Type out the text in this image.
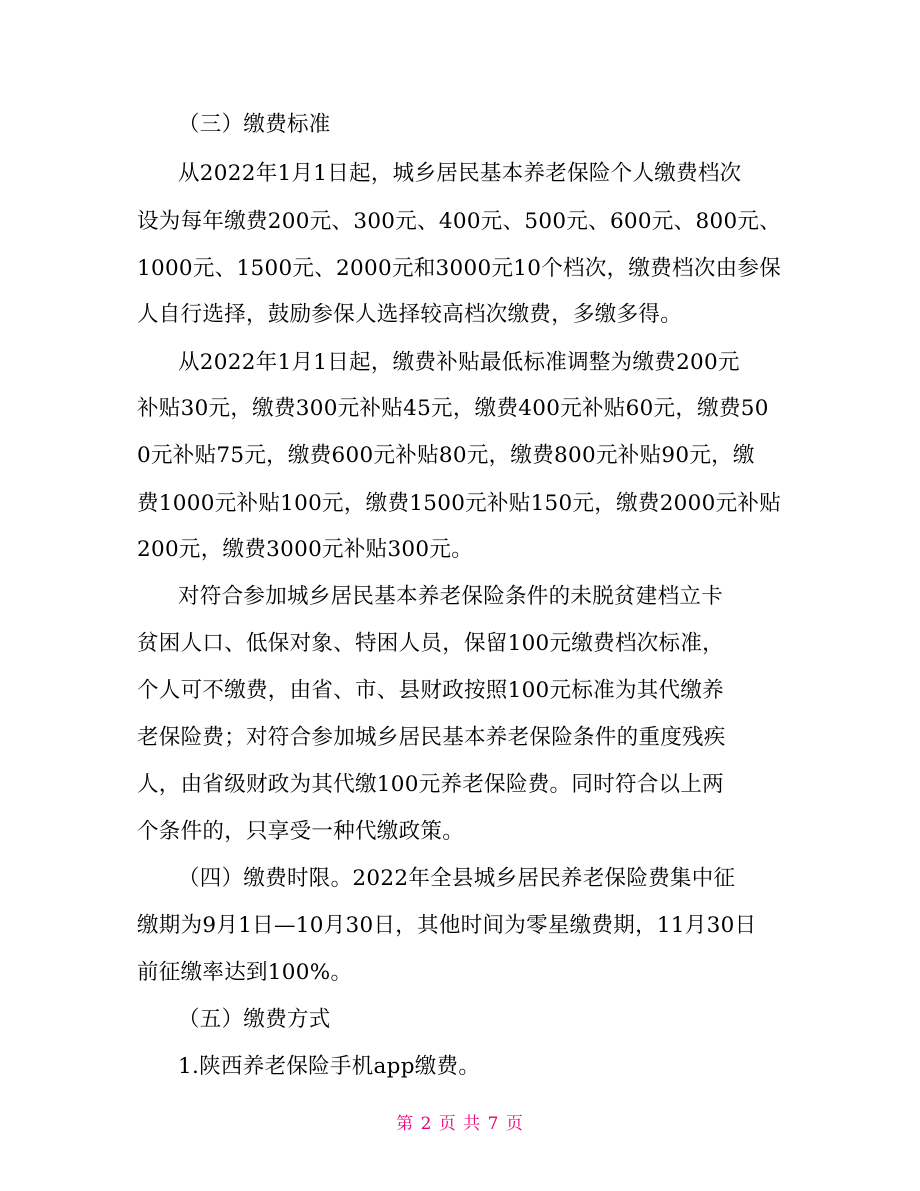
（三）缴费标准
从2022年1月1日起，城乡居民基本养老保险个人缴费档次
设为每年缴费200元、300元、400元、500元、600元、800元、
1000元、1500元、2000元和3000元10个档次，缴费档次由参保
人自行选择，鼓励参保人选择较高档次缴费，多缴多得。
从2022年1月1日起，缴费补贴最低标准调整为缴费200元
补贴30元，缴费300元补贴45元，缴费400元补贴60元，缴费50
0元补贴75元，缴费600元补贴80元，缴费800元补贴90元，缴
费1000元补贴100元，缴费1500元补贴150元，缴费2000元补贴
200元，缴费3000元补贴300元。
对符合参加城乡居民基本养老保险条件的未脱贫建档立卡
贫困人口、低保对象、特困人员，保留100元缴费档次标准，
个人可不缴费，由省、市、县财政按照100元标准为其代缴养
老保险费；对符合参加城乡居民基本养老保险条件的重度残疾
人，由省级财政为其代缴100元养老保险费。同时符合以上两
个条件的，只享受一种代缴政策。
（四）缴费时限。2022年全县城乡居民养老保险费集中征
缴期为9月1日—10月30日，其他时间为零星缴费期，11月30日
前征缴率达到100%。
（五）缴费方式
1.陕西养老保险手机app缴费。
第 2 页 共 7 页
